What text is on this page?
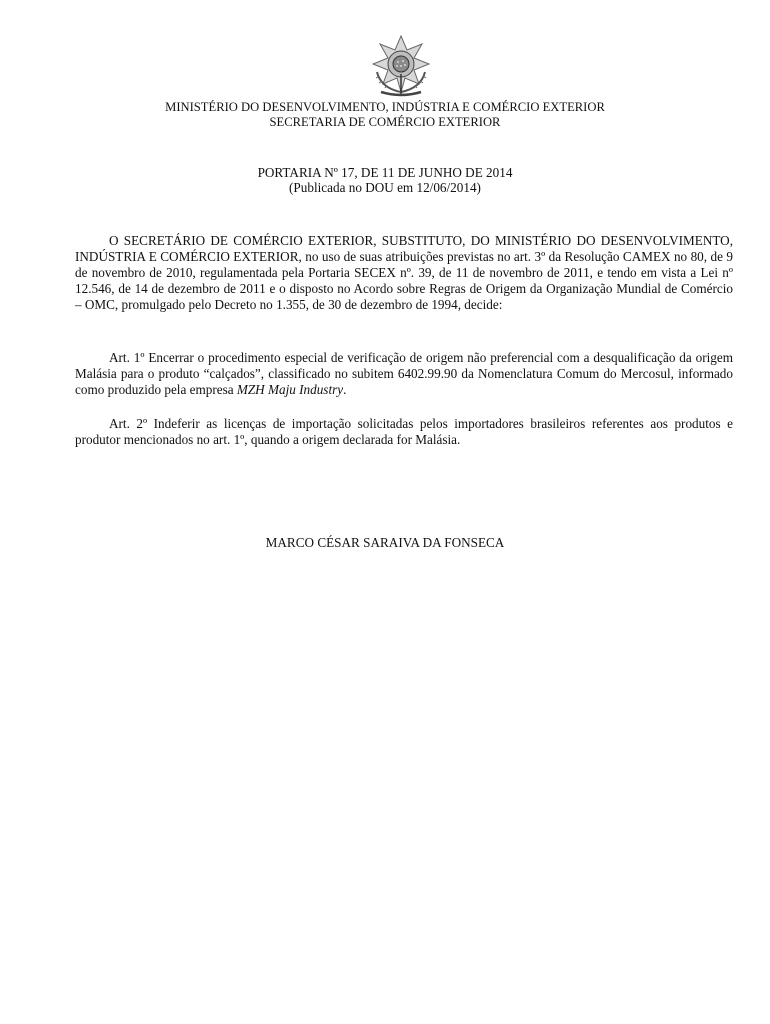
MINISTÉRIO DO DESENVOLVIMENTO, INDÚSTRIA E COMÉRCIO EXTERIOR
SECRETARIA DE COMÉRCIO EXTERIOR
PORTARIA Nº 17, DE 11 DE JUNHO DE 2014
(Publicada no DOU em 12/06/2014)

O SECRETÁRIO DE COMÉRCIO EXTERIOR, SUBSTITUTO, DO MINISTÉRIO DO DESENVOLVIMENTO, INDÚSTRIA E COMÉRCIO EXTERIOR, no uso de suas atribuições previstas no art. 3º da Resolução CAMEX no 80, de 9 de novembro de 2010, regulamentada pela Portaria SECEX nº. 39, de 11 de novembro de 2011, e tendo em vista a Lei nº 12.546, de 14 de dezembro de 2011 e o disposto no Acordo sobre Regras de Origem da Organização Mundial de Comércio – OMC, promulgado pelo Decreto no 1.355, de 30 de dezembro de 1994, decide:

Art. 1º Encerrar o procedimento especial de verificação de origem não preferencial com a desqualificação da origem Malásia para o produto “calçados”, classificado no subitem 6402.99.90 da Nomenclatura Comum do Mercosul, informado como produzido pela empresa MZH Maju Industry.

Art. 2º Indeferir as licenças de importação solicitadas pelos importadores brasileiros referentes aos produtos e produtor mencionados no art. 1º, quando a origem declarada for Malásia.

MARCO CÉSAR SARAIVA DA FONSECA
